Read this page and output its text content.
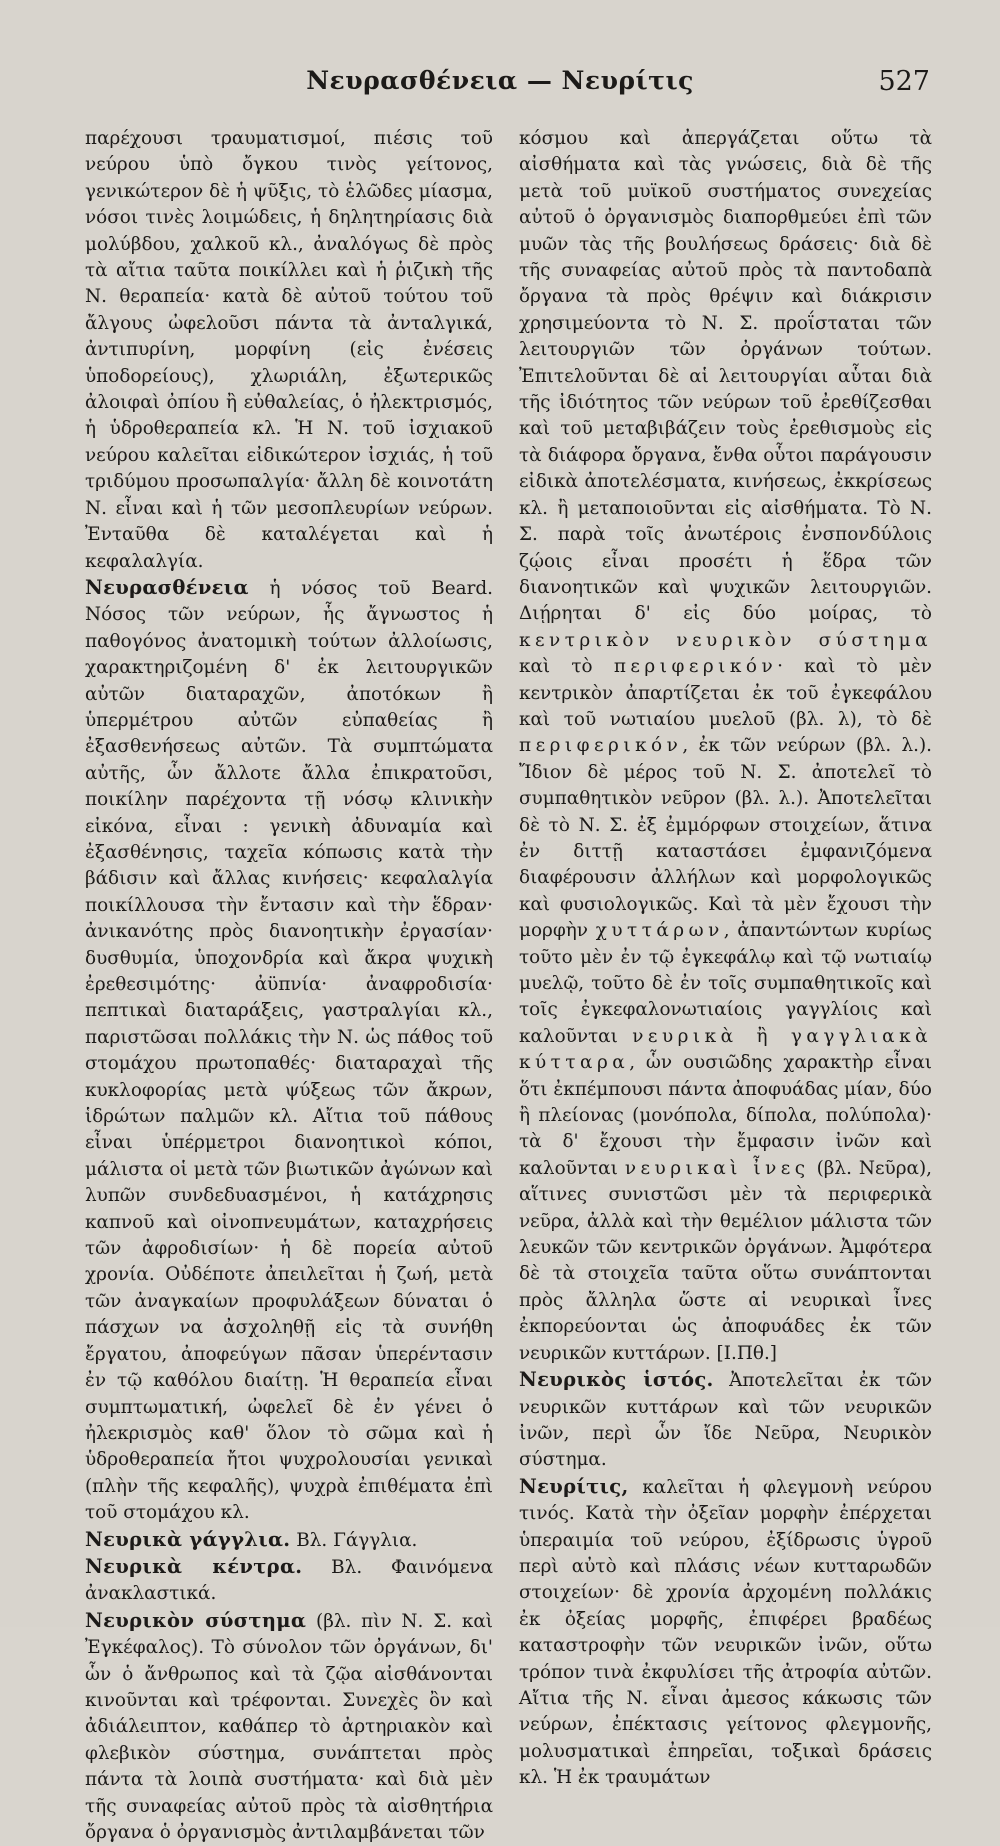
Νευρασθένεια — Νευρίτις	527

παρέχουσι τραυματισμοί, πιέσις τοῦ νεύρου ὑπὸ ὄγκου τινὸς γείτονος, γενικώτερον δὲ ἡ ψῦξις, τὸ ἑλῶδες μίασμα, νόσοι τινὲς λοιμώδεις, ἡ δηλητηρίασις διὰ μολύβδου, χαλκοῦ κλ., ἀναλόγως δὲ πρὸς τὰ αἴτια ταῦτα ποικίλλει καὶ ἡ ῥιζικὴ τῆς Ν. θεραπεία· κατὰ δὲ αὐτοῦ τούτου τοῦ ἄλγους ὠφελοῦσι πάντα τὰ ἀνταλγικά, ἀντιπυρίνη, μορφίνη (εἰς ἐνέσεις ὑποδορείους), χλωριάλη, ἐξωτερικῶς ἀλοιφαὶ ὀπίου ἢ εὐθαλείας, ὁ ἠλεκτρισμός, ἡ ὑδροθεραπεία κλ. Ἡ Ν. τοῦ ἰσχιακοῦ νεύρου καλεῖται εἰδικώτερον ἰσχιάς, ἡ τοῦ τριδύμου προσωπαλγία· ἄλλη δὲ κοινοτάτη Ν. εἶναι καὶ ἡ τῶν μεσοπλευρίων νεύρων. Ἐνταῦθα δὲ καταλέγεται καὶ ἡ κεφαλαλγία.

Νευρασθένεια ἡ νόσος τοῦ Beard. Νόσος τῶν νεύρων, ἧς ἄγνωστος ἡ παθογόνος ἀνατομικὴ τούτων ἀλλοίωσις, χαρακτηριζομένη δ' ἐκ λειτουργικῶν αὐτῶν διαταραχῶν, ἀποτόκων ἢ ὑπερμέτρου αὐτῶν εὐπαθείας ἢ ἐξασθενήσεως αὐτῶν. Τὰ συμπτώματα αὐτῆς, ὧν ἄλλοτε ἄλλα ἐπικρατοῦσι, ποικίλην παρέχοντα τῇ νόσῳ κλινικὴν εἰκόνα, εἶναι : γενικὴ ἀδυναμία καὶ ἐξασθένησις, ταχεῖα κόπωσις κατὰ τὴν βάδισιν καὶ ἄλλας κινήσεις· κεφαλαλγία ποικίλλουσα τὴν ἔντασιν καὶ τὴν ἕδραν· ἀνικανότης πρὸς διανοητικὴν ἐργασίαν· δυσθυμία, ὑποχονδρία καὶ ἄκρα ψυχικὴ ἐρεθεσιμότης· ἀϋπνία· ἀναφροδισία· πεπτικαὶ διαταράξεις, γαστραλγίαι κλ., παριστῶσαι πολλάκις τὴν Ν. ὡς πάθος τοῦ στομάχου πρωτοπαθές· διαταραχαὶ τῆς κυκλοφορίας μετὰ ψύξεως τῶν ἄκρων, ἱδρώτων παλμῶν κλ. Αἴτια τοῦ πάθους εἶναι ὑπέρμετροι διανοητικοὶ κόποι, μάλιστα οἱ μετὰ τῶν βιωτικῶν ἀγώνων καὶ λυπῶν συνδεδυασμένοι, ἡ κατάχρησις καπνοῦ καὶ οἰνοπνευμάτων, καταχρήσεις τῶν ἀφροδισίων· ἡ δὲ πορεία αὐτοῦ χρονία. Οὐδέποτε ἀπειλεῖται ἡ ζωή, μετὰ τῶν ἀναγκαίων προφυλάξεων δύναται ὁ πάσχων να ἀσχοληθῇ εἰς τὰ συνήθη ἔργατου, ἀποφεύγων πᾶσαν ὑπερέντασιν ἐν τῷ καθόλου διαίτῃ. Ἡ θεραπεία εἶναι συμπτωματική, ὠφελεῖ δὲ ἐν γένει ὁ ἠλεκρισμὸς καθ' ὅλον τὸ σῶμα καὶ ἡ ὑδροθεραπεία ἤτοι ψυχρολουσίαι γενικαὶ (πλὴν τῆς κεφαλῆς), ψυχρὰ ἐπιθέματα ἐπὶ τοῦ στομάχου κλ.

Νευρικὰ γάγγλια. Βλ. Γάγγλια.

Νευρικὰ κέντρα. Βλ. Φαινόμενα ἀνακλαστικά.

Νευρικὸν σύστημα (βλ. πὶν Ν. Σ. καὶ Ἐγκέφαλος). Τὸ σύνολον τῶν ὀργάνων, δι' ὧν ὁ ἄνθρωπος καὶ τὰ ζῷα αἰσθάνονται κινοῦνται καὶ τρέφονται. Συνεχὲς ὂν καὶ ἀδιάλειπτον, καθάπερ τὸ ἀρτηριακὸν καὶ φλεβικὸν σύστημα, συνάπτεται πρὸς πάντα τὰ λοιπὰ συστήματα· καὶ διὰ μὲν τῆς συναφείας αὐτοῦ πρὸς τὰ αἰσθητήρια ὄργανα ὁ ὀργανισμὸς ἀντιλαμβάνεται τῶν

κόσμου καὶ ἀπεργάζεται οὕτω τὰ αἰσθήματα καὶ τὰς γνώσεις, διὰ δὲ τῆς μετὰ τοῦ μυϊκοῦ συστήματος συνεχείας αὐτοῦ ὁ ὀργανισμὸς διαπορθμεύει ἐπὶ τῶν μυῶν τὰς τῆς βουλήσεως δράσεις· διὰ δὲ τῆς συναφείας αὐτοῦ πρὸς τὰ παντοδαπὰ ὄργανα τὰ πρὸς θρέψιν καὶ διάκρισιν χρησιμεύοντα τὸ Ν. Σ. προΐσταται τῶν λειτουργιῶν τῶν ὀργάνων τούτων. Ἐπιτελοῦνται δὲ αἱ λειτουργίαι αὗται διὰ τῆς ἰδιότητος τῶν νεύρων τοῦ ἐρεθίζεσθαι καὶ τοῦ μεταβιβάζειν τοὺς ἐρεθισμοὺς εἰς τὰ διάφορα ὄργανα, ἔνθα οὗτοι παράγουσιν εἰδικὰ ἀποτελέσματα, κινήσεως, ἐκκρίσεως κλ. ἢ μεταποιοῦνται εἰς αἰσθήματα. Τὸ Ν. Σ. παρὰ τοῖς ἀνωτέροις ἐνσπονδύλοις ζῴοις εἶναι προσέτι ἡ ἕδρα τῶν διανοητικῶν καὶ ψυχικῶν λειτουργιῶν. Διῄρηται δ' εἰς δύο μοίρας, τὸ κεντρικὸν νευρικὸν σύστημα καὶ τὸ περιφερικόν· καὶ τὸ μὲν κεντρικὸν ἀπαρτίζεται ἐκ τοῦ ἐγκεφάλου καὶ τοῦ νωτιαίου μυελοῦ (βλ. λ), τὸ δὲ περιφερικόν, ἐκ τῶν νεύρων (βλ. λ.). Ἴδιον δὲ μέρος τοῦ Ν. Σ. ἀποτελεῖ τὸ συμπαθητικὸν νεῦρον (βλ. λ.). Ἀποτελεῖται δὲ τὸ Ν. Σ. ἐξ ἐμμόρφων στοιχείων, ἅτινα ἐν διττῇ καταστάσει ἐμφανιζόμενα διαφέρουσιν ἀλλήλων καὶ μορφολογικῶς καὶ φυσιολογικῶς. Καὶ τὰ μὲν ἔχουσι τὴν μορφὴν χυττάρων, ἀπαντώντων κυρίως τοῦτο μὲν ἐν τῷ ἐγκεφάλῳ καὶ τῷ νωτιαίῳ μυελῷ, τοῦτο δὲ ἐν τοῖς συμπαθητικοῖς καὶ τοῖς ἐγκεφαλονωτιαίοις γαγγλίοις καὶ καλοῦνται νευρικὰ ἢ γαγγλιακὰ κύτταρα, ὧν ουσιῶδης χαρακτὴρ εἶναι ὅτι ἐκπέμπουσι πάντα ἀποφυάδας μίαν, δύο ἢ πλείονας (μονόπολα, δίπολα, πολύπολα)· τὰ δ' ἔχουσι τὴν ἔμφασιν ἰνῶν καὶ καλοῦνται νευρικαὶ ἶνες (βλ. Νεῦρα), αἵτινες συνιστῶσι μὲν τὰ περιφερικὰ νεῦρα, ἀλλὰ καὶ τὴν θεμέλιον μάλιστα τῶν λευκῶν τῶν κεντρικῶν ὀργάνων. Ἀμφότερα δὲ τὰ στοιχεῖα ταῦτα οὕτω συνάπτονται πρὸς ἄλληλα ὥστε αἱ νευρικαὶ ἶνες ἐκπορεύονται ὡς ἀποφυάδες ἐκ τῶν νευρικῶν κυττάρων. [Ι.Πθ.]

Νευρικὸς ἱστός. Ἀποτελεῖται ἐκ τῶν νευρικῶν κυττάρων καὶ τῶν νευρικῶν ἰνῶν, περὶ ὧν ἴδε Νεῦρα, Νευρικὸν σύστημα.

Νευρίτις, καλεῖται ἡ φλεγμονὴ νεύρου τινός. Κατὰ τὴν ὀξεῖαν μορφὴν ἐπέρχεται ὑπεραιμία τοῦ νεύρου, ἐξίδρωσις ὑγροῦ περὶ αὐτὸ καὶ πλάσις νέων κυτταρωδῶν στοιχείων· δὲ χρονία ἀρχομένη πολλάκις ἐκ ὀξείας μορφῆς, ἐπιφέρει βραδέως καταστροφὴν τῶν νευρικῶν ἰνῶν, οὕτω τρόπον τινὰ ἐκφυλίσει τῆς ἀτροφία αὐτῶν. Αἴτια τῆς Ν. εἶναι ἀμεσος κάκωσις τῶν νεύρων, ἐπέκτασις γείτονος φλεγμονῆς, μολυσματικαὶ ἐπηρεῖαι, τοξικαὶ δράσεις κλ. Ἡ ἐκ τραυμάτων
